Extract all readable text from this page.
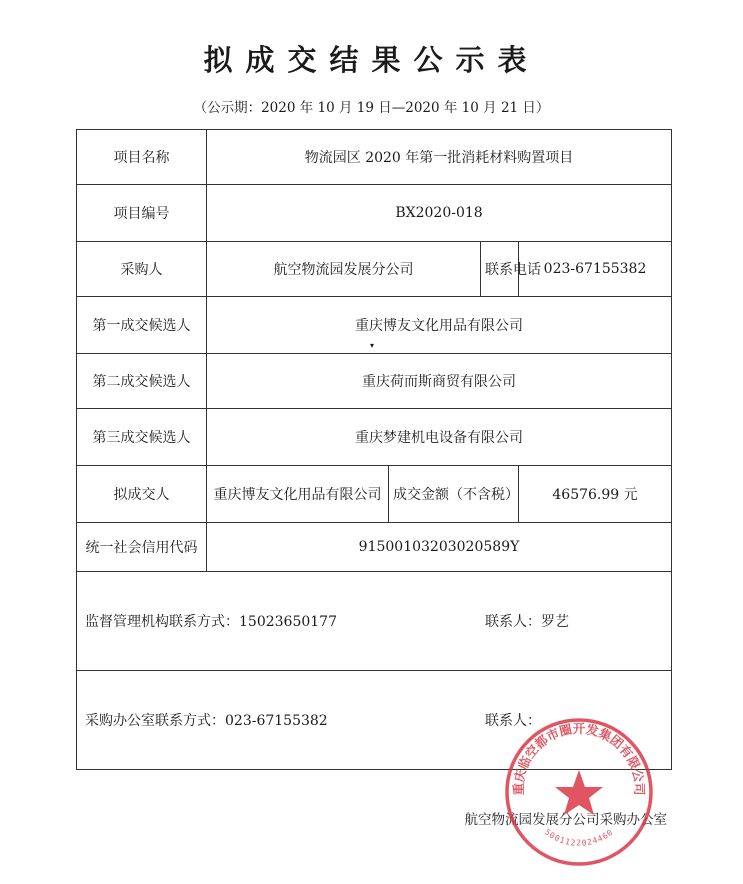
拟成交结果公示表
（公示期：2020 年 10 月 19 日—2020 年 10 月 21 日）
项目名称	物流园区 2020 年第一批消耗材料购置项目			
项目编号	BX2020-018			
采购人	航空物流园发展分公司		联系电话	023-67155382
第一成交候选人	重庆博友文化用品有限公司			
第二成交候选人	重庆荷而斯商贸有限公司			
第三成交候选人	重庆梦建机电设备有限公司			
拟成交人	重庆博友文化用品有限公司	成交金额（不含税）		46576.99 元
统一社会信用代码	91500103203020589Y			

监督管理机构联系方式：15023650177 联系人：罗艺				

采购办公室联系方式：023-67155382 联系人：				
▾
航空物流园发展分公司采购办公室
重庆临空都市圈开发集团有限公司
5001122024460
